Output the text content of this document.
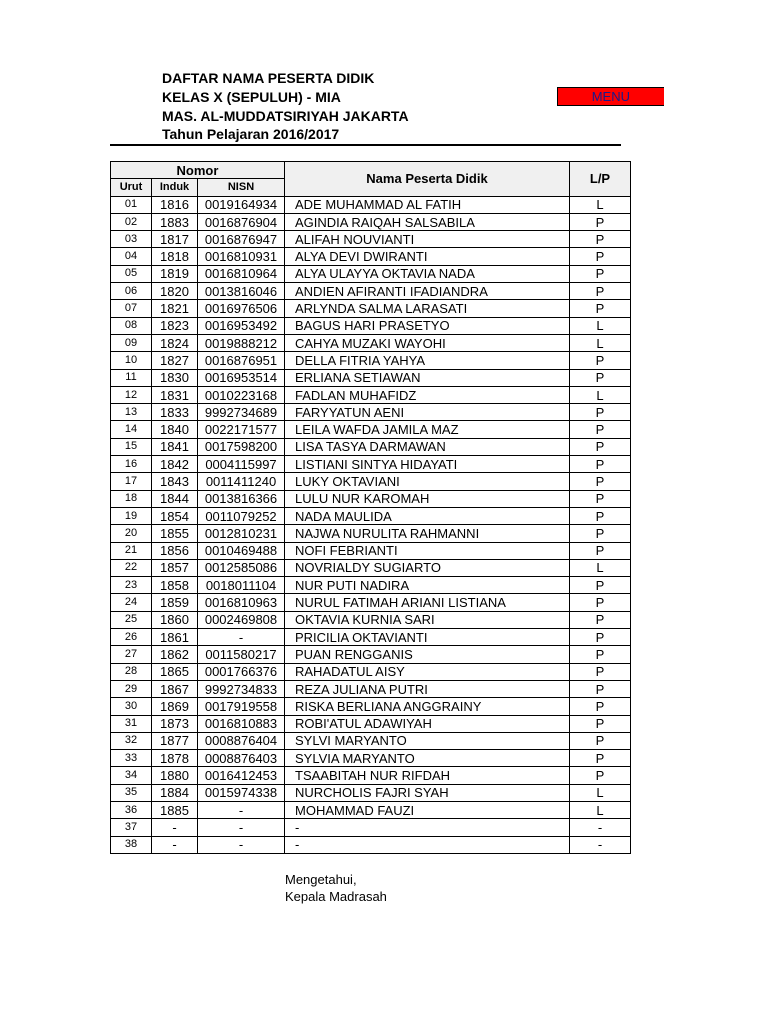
DAFTAR NAMA PESERTA DIDIK
KELAS X (SEPULUH) - MIA
MAS. AL-MUDDATSIRIYAH JAKARTA
Tahun Pelajaran 2016/2017
MENU
Nomor			Nama Peserta Didik	L/P
Urut	Induk	NISN		
01	1816	0019164934	ADE MUHAMMAD AL FATIH	L
02	1883	0016876904	AGINDIA RAIQAH SALSABILA	P
03	1817	0016876947	ALIFAH NOUVIANTI	P
04	1818	0016810931	ALYA DEVI DWIRANTI	P
05	1819	0016810964	ALYA ULAYYA OKTAVIA NADA	P
06	1820	0013816046	ANDIEN AFIRANTI IFADIANDRA	P
07	1821	0016976506	ARLYNDA SALMA LARASATI	P
08	1823	0016953492	BAGUS HARI PRASETYO	L
09	1824	0019888212	CAHYA MUZAKI WAYOHI	L
10	1827	0016876951	DELLA FITRIA YAHYA	P
11	1830	0016953514	ERLIANA SETIAWAN	P
12	1831	0010223168	FADLAN MUHAFIDZ	L
13	1833	9992734689	FARYYATUN AENI	P
14	1840	0022171577	LEILA WAFDA JAMILA MAZ	P
15	1841	0017598200	LISA TASYA DARMAWAN	P
16	1842	0004115997	LISTIANI SINTYA HIDAYATI	P
17	1843	0011411240	LUKY OKTAVIANI	P
18	1844	0013816366	LULU NUR KAROMAH	P
19	1854	0011079252	NADA MAULIDA	P
20	1855	0012810231	NAJWA NURULITA RAHMANNI	P
21	1856	0010469488	NOFI FEBRIANTI	P
22	1857	0012585086	NOVRIALDY SUGIARTO	L
23	1858	0018011104	NUR PUTI NADIRA	P
24	1859	0016810963	NURUL FATIMAH ARIANI LISTIANA	P
25	1860	0002469808	OKTAVIA KURNIA SARI	P
26	1861	-	PRICILIA OKTAVIANTI	P
27	1862	0011580217	PUAN RENGGANIS	P
28	1865	0001766376	RAHADATUL AISY	P
29	1867	9992734833	REZA JULIANA PUTRI	P
30	1869	0017919558	RISKA BERLIANA ANGGRAINY	P
31	1873	0016810883	ROBI'ATUL ADAWIYAH	P
32	1877	0008876404	SYLVI MARYANTO	P
33	1878	0008876403	SYLVIA MARYANTO	P
34	1880	0016412453	TSAABITAH NUR RIFDAH	P
35	1884	0015974338	NURCHOLIS FAJRI SYAH	L
36	1885	-	MOHAMMAD FAUZI	L
37	-	-	-	-
38	-	-	-	-
Mengetahui,
Kepala Madrasah
